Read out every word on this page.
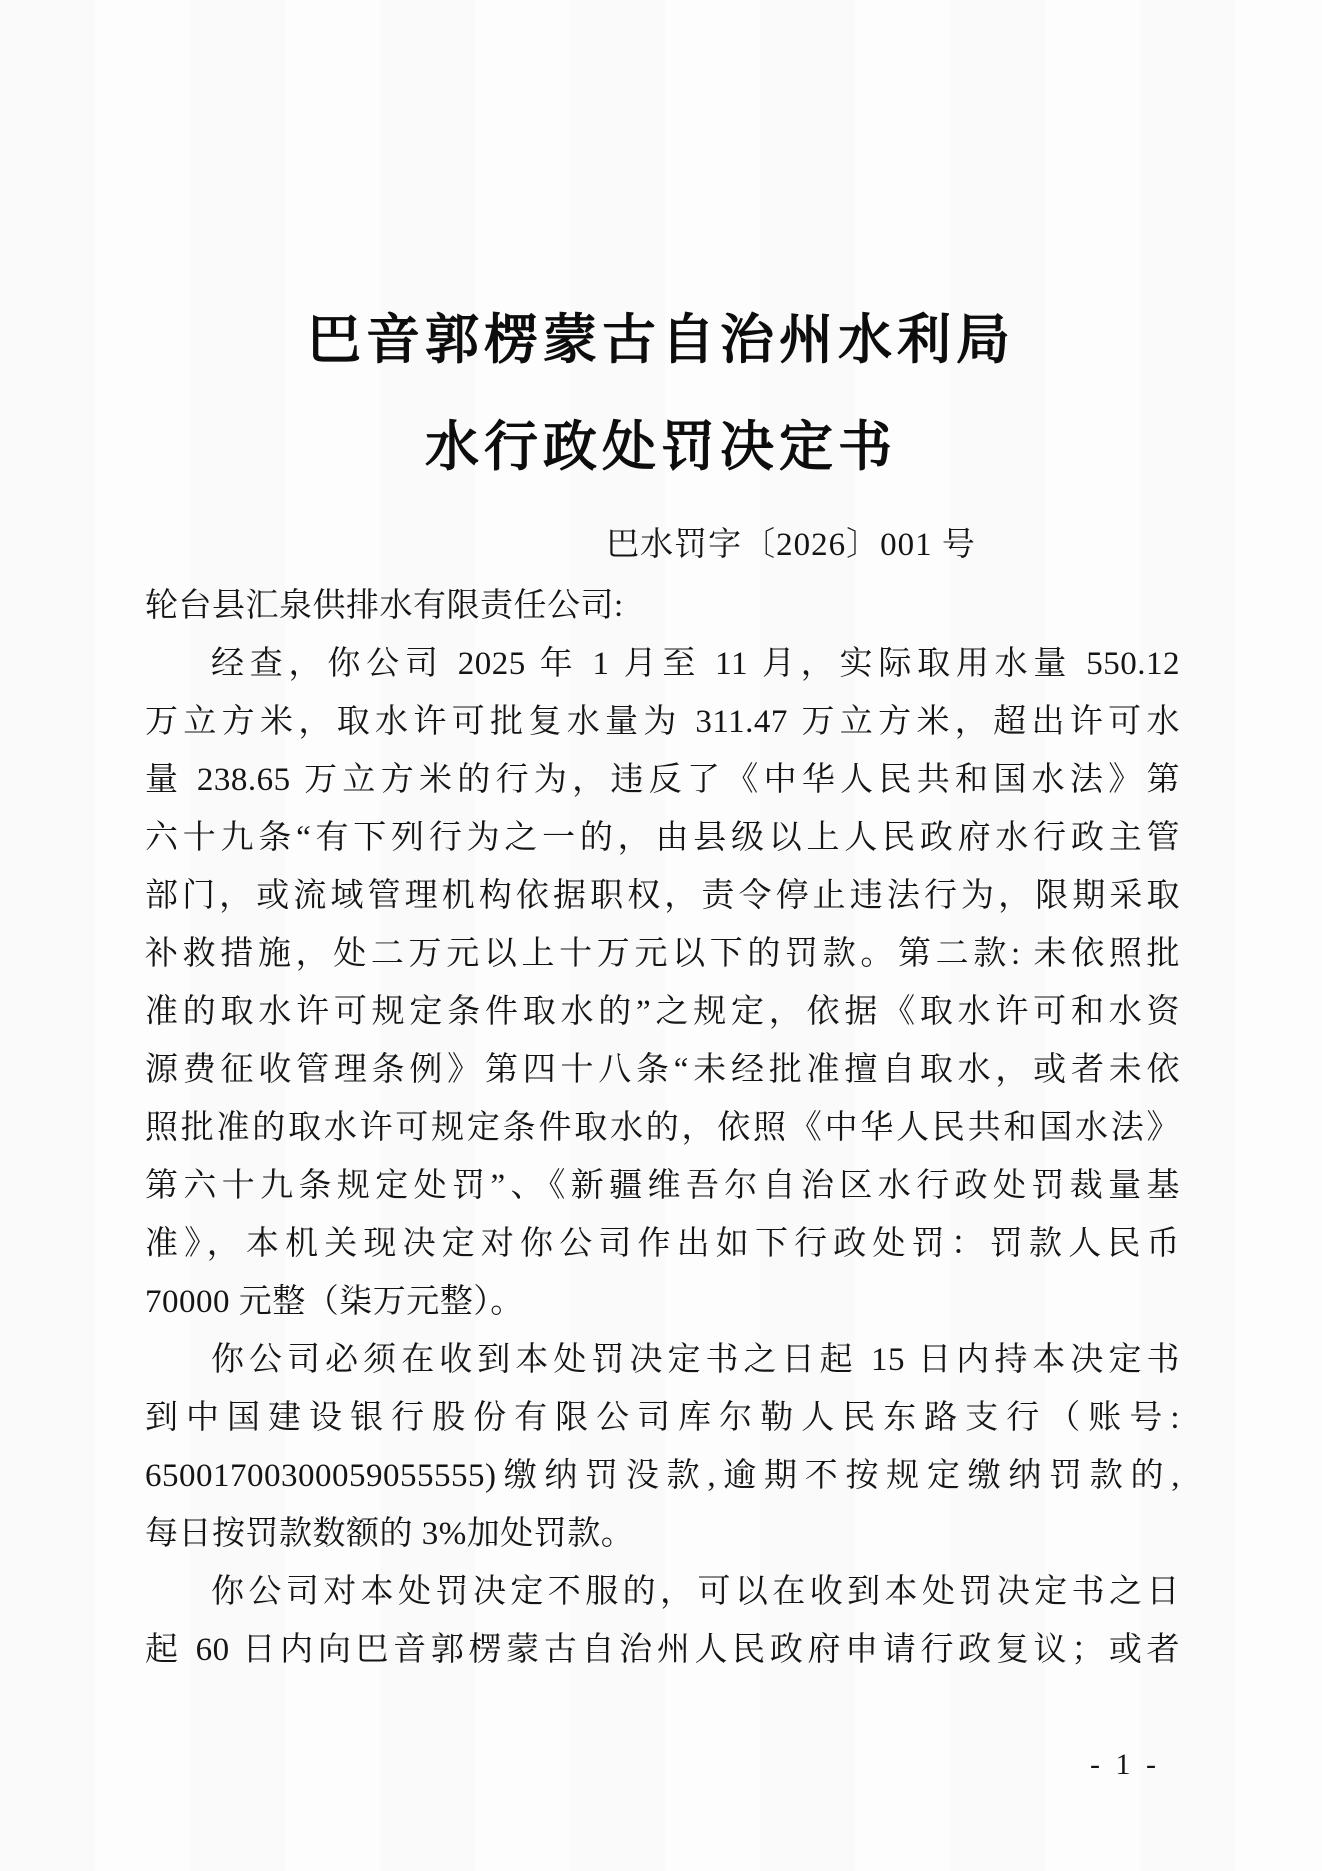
巴音郭楞蒙古自治州水利局
水行政处罚决定书
巴水罚字〔2026〕001 号
轮台县汇泉供排水有限责任公司:
经查，你公司 2025 年 1 月至 11 月，实际取用水量 550.12
万立方米，取水许可批复水量为 311.47 万立方米，超出许可水
量 238.65 万立方米的行为，违反了《中华人民共和国水法》第
六十九条“有下列行为之一的，由县级以上人民政府水行政主管
部门，或流域管理机构依据职权，责令停止违法行为，限期采取
补救措施，处二万元以上十万元以下的罚款。第二款: 未依照批
准的取水许可规定条件取水的”之规定，依据《取水许可和水资
源费征收管理条例》第四十八条“未经批准擅自取水，或者未依
照批准的取水许可规定条件取水的，依照《中华人民共和国水法》
第六十九条规定处罚”、《新疆维吾尔自治区水行政处罚裁量基
准》，本机关现决定对你公司作出如下行政处罚：罚款人民币
70000 元整（柒万元整）。
你公司必须在收到本处罚决定书之日起 15 日内持本决定书
到中国建设银行股份有限公司库尔勒人民东路支行（账号:
65001700300059055555)缴纳罚没款,逾期不按规定缴纳罚款的,
每日按罚款数额的 3%加处罚款。
你公司对本处罚决定不服的，可以在收到本处罚决定书之日
起 60 日内向巴音郭楞蒙古自治州人民政府申请行政复议；或者
- 1 -
